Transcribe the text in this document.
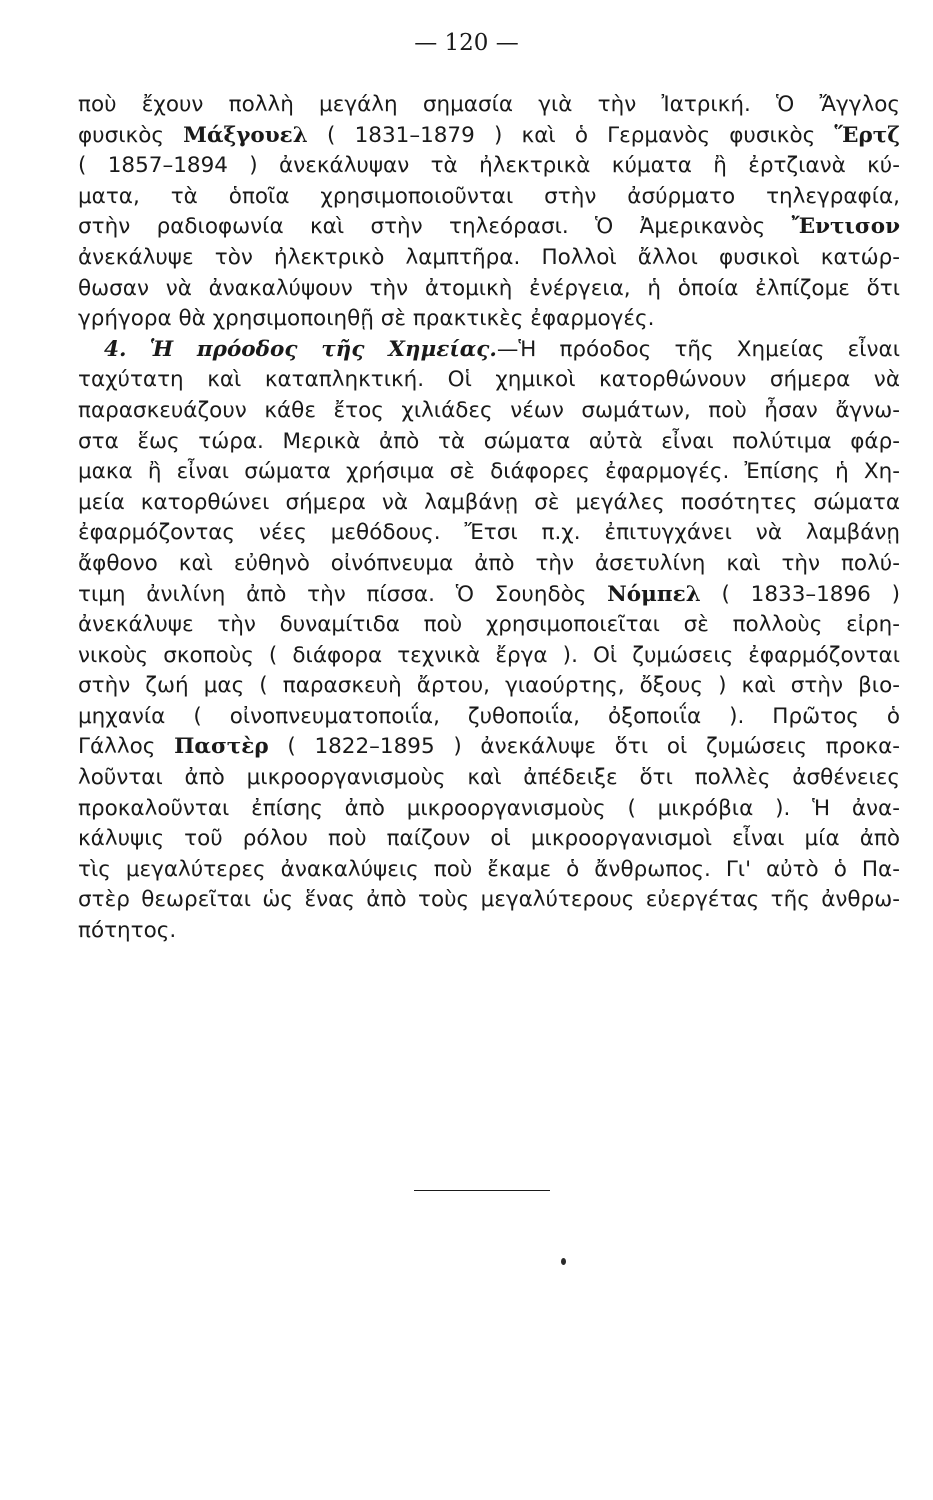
— 120 —
ποὺ ἔχουν πολλὴ μεγάλη σημασία γιὰ τὴν Ἰατρική. Ὁ Ἄγγλος
φυσικὸς Μάξγουελ ( 1831–1879 ) καὶ ὁ Γερμανὸς φυσικὸς Ἕρτζ
( 1857–1894 ) ἀνεκάλυψαν τὰ ἠλεκτρικὰ κύματα ἢ ἐρτζιανὰ κύ-
ματα, τὰ ὁποῖα χρησιμοποιοῦνται στὴν ἀσύρματο τηλεγραφία,
στὴν ραδιοφωνία καὶ στὴν τηλεόρασι. Ὁ Ἀμερικανὸς Ἔντισον
ἀνεκάλυψε τὸν ἠλεκτρικὸ λαμπτῆρα. Πολλοὶ ἄλλοι φυσικοὶ κατώρ-
θωσαν νὰ ἀνακαλύψουν τὴν ἀτομικὴ ἐνέργεια, ἡ ὁποία ἐλπίζομε ὅτι
γρήγορα θὰ χρησιμοποιηθῇ σὲ πρακτικὲς ἐφαρμογές.
4. Ἡ πρόοδος τῆς Χημείας.—Ἡ πρόοδος τῆς Χημείας εἶναι
ταχύτατη καὶ καταπληκτική. Οἱ χημικοὶ κατορθώνουν σήμερα νὰ
παρασκευάζουν κάθε ἔτος χιλιάδες νέων σωμάτων, ποὺ ἦσαν ἄγνω-
στα ἕως τώρα. Μερικὰ ἀπὸ τὰ σώματα αὐτὰ εἶναι πολύτιμα φάρ-
μακα ἢ εἶναι σώματα χρήσιμα σὲ διάφορες ἐφαρμογές. Ἐπίσης ἡ Χη-
μεία κατορθώνει σήμερα νὰ λαμβάνῃ σὲ μεγάλες ποσότητες σώματα
ἐφαρμόζοντας νέες μεθόδους. Ἔτσι π.χ. ἐπιτυγχάνει νὰ λαμβάνῃ
ἄφθονο καὶ εὐθηνὸ οἰνόπνευμα ἀπὸ τὴν ἀσετυλίνη καὶ τὴν πολύ-
τιμη ἀνιλίνη ἀπὸ τὴν πίσσα. Ὁ Σουηδὸς Νόμπελ ( 1833–1896 )
ἀνεκάλυψε τὴν δυναμίτιδα ποὺ χρησιμοποιεῖται σὲ πολλοὺς εἰρη-
νικοὺς σκοποὺς ( διάφορα τεχνικὰ ἔργα ). Οἱ ζυμώσεις ἐφαρμόζονται
στὴν ζωή μας ( παρασκευὴ ἄρτου, γιαούρτης, ὄξους ) καὶ στὴν βιο-
μηχανία ( οἰνοπνευματοποιΐα, ζυθοποιΐα, ὀξοποιΐα ). Πρῶτος ὁ
Γάλλος Παστὲρ ( 1822–1895 ) ἀνεκάλυψε ὅτι οἱ ζυμώσεις προκα-
λοῦνται ἀπὸ μικροοργανισμοὺς καὶ ἀπέδειξε ὅτι πολλὲς ἀσθένειες
προκαλοῦνται ἐπίσης ἀπὸ μικροοργανισμοὺς ( μικρόβια ). Ἡ ἀνα-
κάλυψις τοῦ ρόλου ποὺ παίζουν οἱ μικροοργανισμοὶ εἶναι μία ἀπὸ
τὶς μεγαλύτερες ἀνακαλύψεις ποὺ ἔκαμε ὁ ἄνθρωπος. Γι' αὐτὸ ὁ Πα-
στὲρ θεωρεῖται ὡς ἕνας ἀπὸ τοὺς μεγαλύτερους εὐεργέτας τῆς ἀνθρω-
πότητος.
